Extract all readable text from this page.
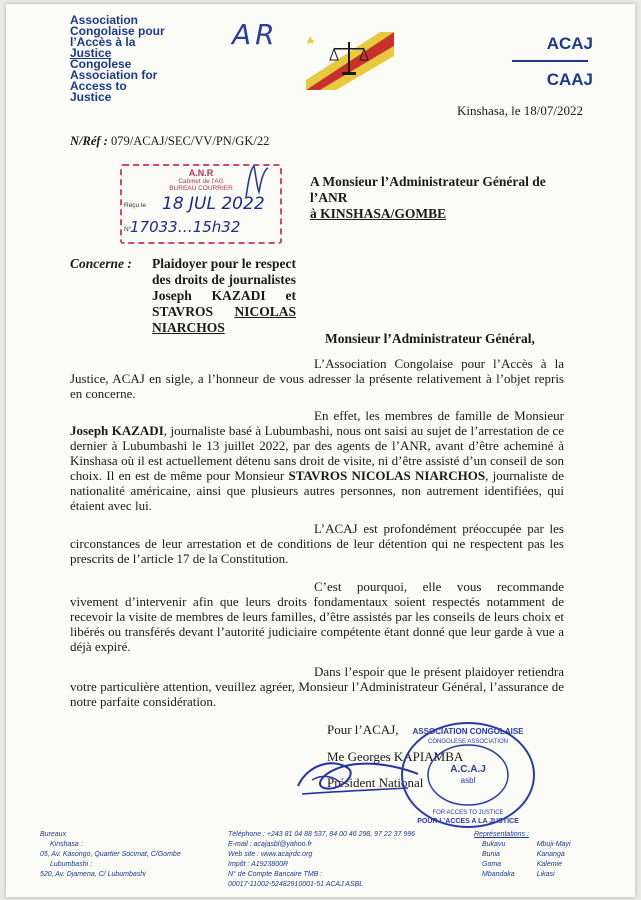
Association
Congolaise pour
l’Accès à la
Justice
Congolese
Association for
Access to
Justice
AR	ACAJ
CAAJ
Kinshasa, le 18/07/2022
N/Réf : 079/ACAJ/SEC/VV/PN/GK/22
A.N.R
Cabinet de l'AG
BUREAU COURRIER
Reçu le 18 JUL 2022
N°
17033…15h32
A Monsieur l’Administrateur Général de
l’ANR
à KINSHASA/GOMBE
Concerne : Plaidoyer pour le respect des droits de journalistes Joseph KAZADI et STAVROS NICOLAS NIARCHOS
Monsieur l’Administrateur Général,
L’Association Congolaise pour l’Accès à la Justice, ACAJ en sigle, a l’honneur de vous adresser la présente relativement à l’objet repris en concerne.
En effet, les membres de famille de Monsieur Joseph KAZADI, journaliste basé à Lubumbashi, nous ont saisi au sujet de l’arrestation de ce dernier à Lubumbashi le 13 juillet 2022, par des agents de l’ANR, avant d’être acheminé à Kinshasa où il est actuellement détenu sans droit de visite, ni d’être assisté d’un conseil de son choix. Il en est de même pour Monsieur STAVROS NICOLAS NIARCHOS, journaliste de nationalité américaine, ainsi que plusieurs autres personnes, non autrement identifiées, qui étaient avec lui.
L’ACAJ est profondément préoccupée par les circonstances de leur arrestation et de conditions de leur détention qui ne respectent pas les prescrits de l’article 17 de la Constitution.
C’est pourquoi, elle vous recommande vivement d’intervenir afin que leurs droits fondamentaux soient respectés notamment de recevoir la visite de membres de leurs familles, d’être assistés par les conseils de leurs choix et libérés ou transférés devant l’autorité judiciaire compétente étant donné que leur garde à vue a déjà expiré.
Dans l’espoir que le présent plaidoyer retiendra votre particulière attention, veuillez agréer, Monsieur l’Administrateur Général, l’assurance de notre parfaite considération.
Pour l’ACAJ,
Me Georges KAPIAMBA
Président National
ASSOCIATION CONGOLAISE
CONGOLESE ASSOCIATION
A.C.A.J
asbl
FOR ACCES TO JUSTICE
POUR L’ACCES A LA JUSTICE
Bureaux
Kinshasa :
05, Av. Kasongo, Quartier Socimat, C/Gombe
Lubumbashi :
520, Av. Djamena, C/ Lubumbashi
Téléphone : +243 81 04 88 537, 84 00 46 298, 97 22 37 996
E-mail : acajasbl@yahoo.fr
Web site : www.acajrdc.org
Impôt : A1923800R
N° de Compte Bancaire TMB :
00017-11002-52482910001-51 ACAJ ASBL
Représentations :
Bukavu
Bunia
Goma
Mbandaka
Mbuji-Mayi
Kananga
Kalemie
Likasi
